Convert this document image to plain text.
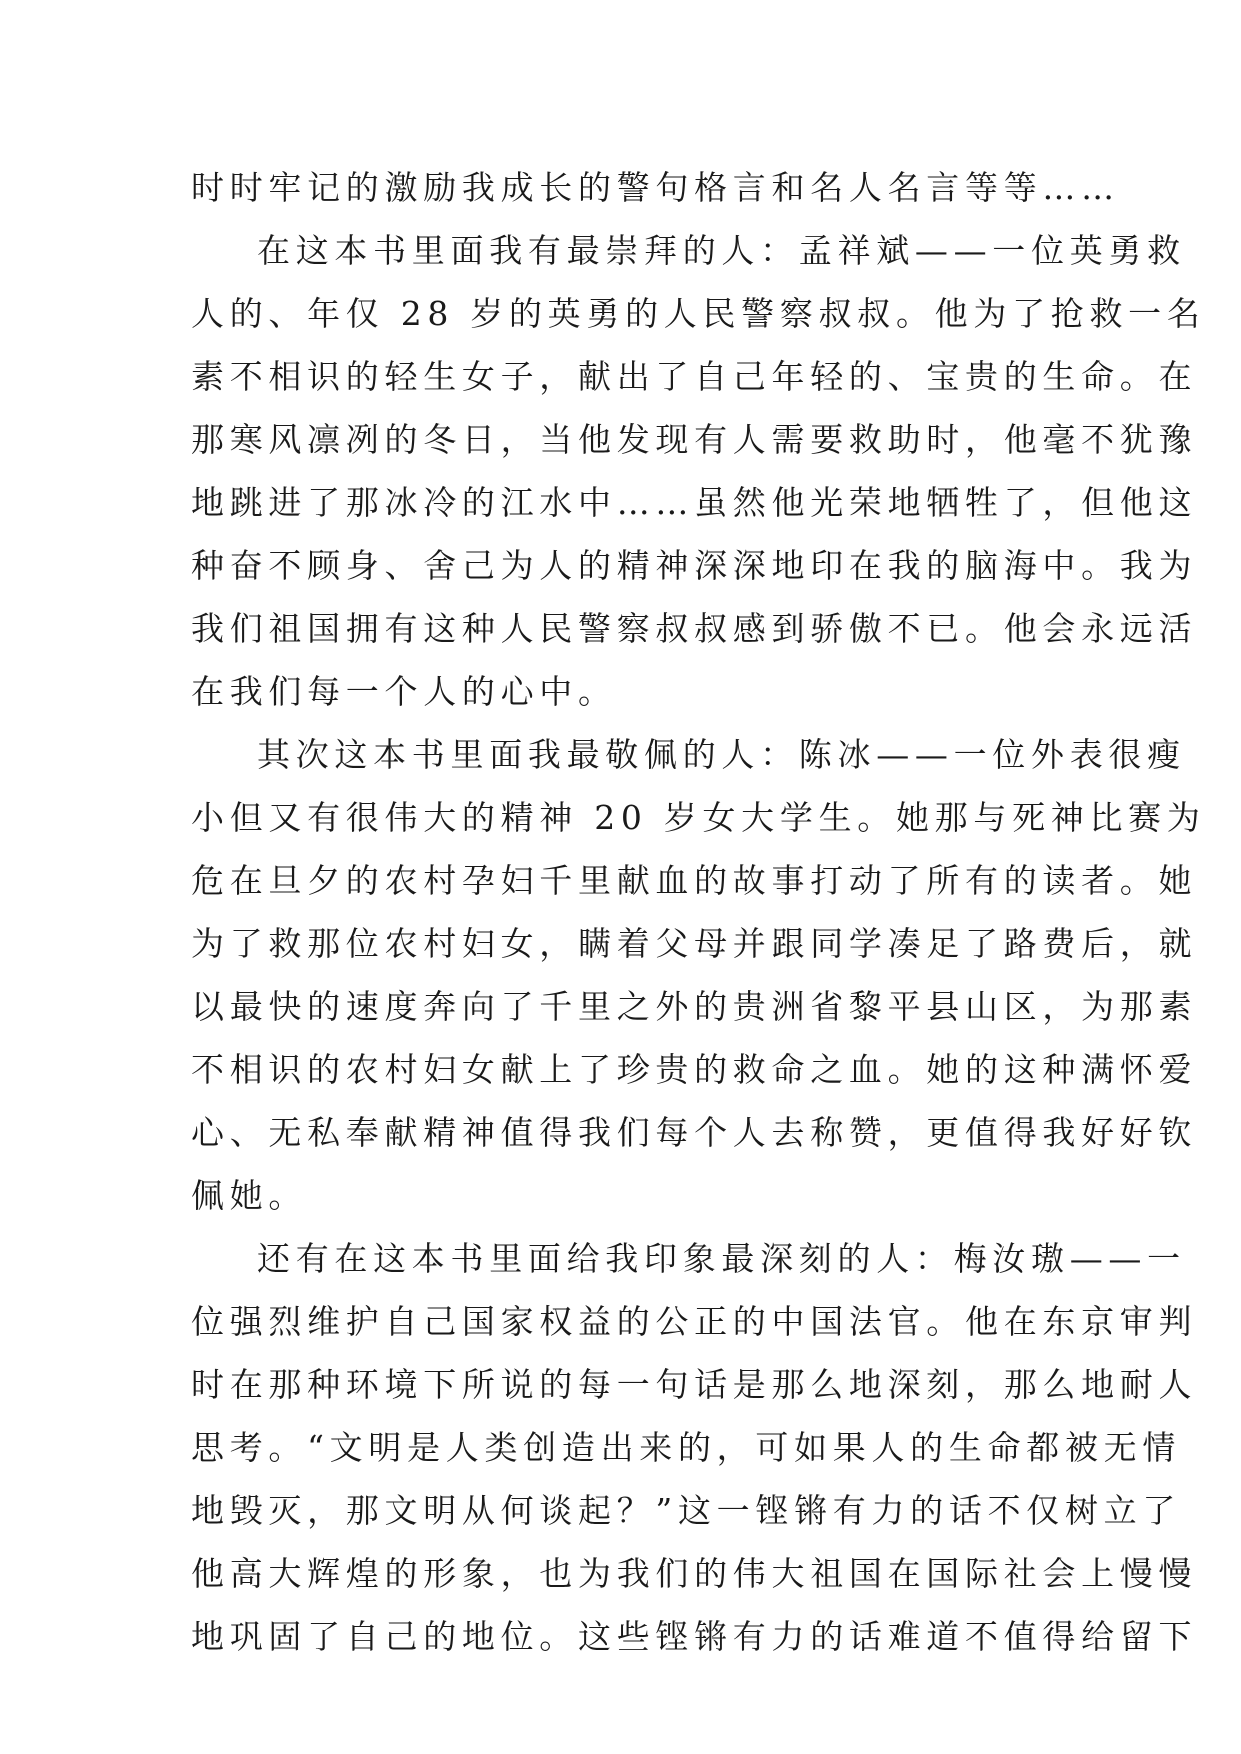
时时牢记的激励我成长的警句格言和名人名言等等……
在这本书里面我有最崇拜的人：孟祥斌——一位英勇救
人的、年仅 28 岁的英勇的人民警察叔叔。他为了抢救一名
素不相识的轻生女子，献出了自己年轻的、宝贵的生命。在
那寒风凛冽的冬日，当他发现有人需要救助时，他毫不犹豫
地跳进了那冰冷的江水中……虽然他光荣地牺牲了，但他这
种奋不顾身、舍己为人的精神深深地印在我的脑海中。我为
我们祖国拥有这种人民警察叔叔感到骄傲不已。他会永远活
在我们每一个人的心中。
其次这本书里面我最敬佩的人：陈冰——一位外表很瘦
小但又有很伟大的精神 20 岁女大学生。她那与死神比赛为
危在旦夕的农村孕妇千里献血的故事打动了所有的读者。她
为了救那位农村妇女，瞒着父母并跟同学凑足了路费后，就
以最快的速度奔向了千里之外的贵洲省黎平县山区，为那素
不相识的农村妇女献上了珍贵的救命之血。她的这种满怀爱
心、无私奉献精神值得我们每个人去称赞，更值得我好好钦
佩她。
还有在这本书里面给我印象最深刻的人：梅汝璈——一
位强烈维护自己国家权益的公正的中国法官。他在东京审判
时在那种环境下所说的每一句话是那么地深刻，那么地耐人
思考。“文明是人类创造出来的，可如果人的生命都被无情
地毁灭，那文明从何谈起？”这一铿锵有力的话不仅树立了
他高大辉煌的形象，也为我们的伟大祖国在国际社会上慢慢
地巩固了自己的地位。这些铿锵有力的话难道不值得给留下
